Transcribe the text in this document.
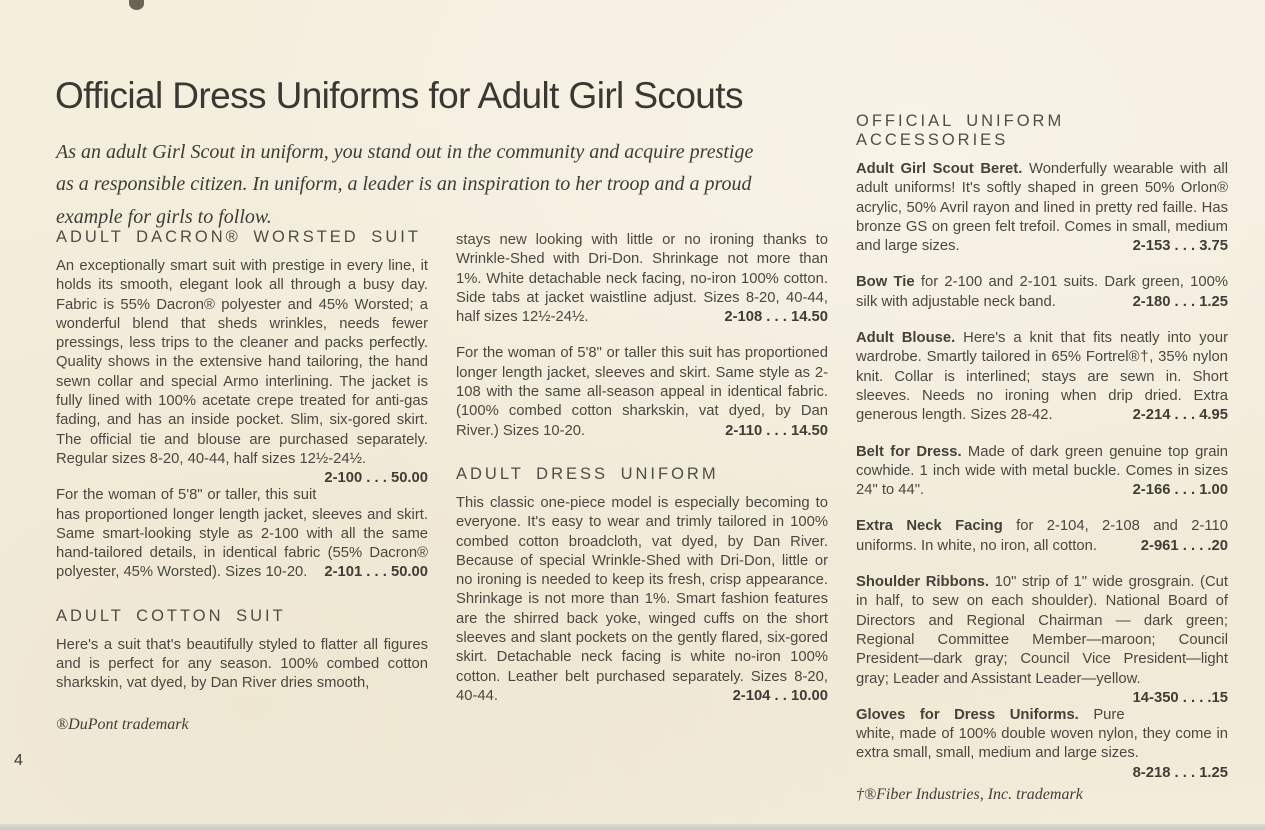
Official Dress Uniforms for Adult Girl Scouts

As an adult Girl Scout in uniform, you stand out in the community and acquire prestige as a responsible citizen. In uniform, a leader is an inspiration to her troop and a proud example for girls to follow.

ADULT DACRON® WORSTED SUIT

An exceptionally smart suit with prestige in every line, it holds its smooth, elegant look all through a busy day. Fabric is 55% Dacron® polyester and 45% Worsted; a wonderful blend that sheds wrinkles, needs fewer pressings, less trips to the cleaner and packs perfectly. Quality shows in the extensive hand tailoring, the hand sewn collar and special Armo interlining. The jacket is fully lined with 100% acetate crepe treated for anti-gas fading, and has an inside pocket. Slim, six-gored skirt. The official tie and blouse are purchased separately. Regular sizes 8-20, 40-44, half sizes 12½-24½.
2-100 . . . 50.00

For the woman of 5'8" or taller, this suit has proportioned longer length jacket, sleeves and skirt. Same smart-looking style as 2-100 with all the same hand-tailored details, in identical fabric (55% Dacron® polyester, 45% Worsted). Sizes 10-20.	2-101 . . . 50.00

ADULT COTTON SUIT

Here's a suit that's beautifully styled to flatter all figures and is perfect for any season. 100% combed cotton sharkskin, vat dyed, by Dan River dries smooth,

®DuPont trademark

stays new looking with little or no ironing thanks to Wrinkle-Shed with Dri-Don. Shrinkage not more than 1%. White detachable neck facing, no-iron 100% cotton. Side tabs at jacket waistline adjust. Sizes 8-20, 40-44, half sizes 12½-24½.	2-108 . . . 14.50

For the woman of 5'8" or taller this suit has proportioned longer length jacket, sleeves and skirt. Same style as 2-108 with the same all-season appeal in identical fabric. (100% combed cotton sharkskin, vat dyed, by Dan River.) Sizes 10-20.	2-110 . . . 14.50

ADULT DRESS UNIFORM

This classic one-piece model is especially becoming to everyone. It's easy to wear and trimly tailored in 100% combed cotton broadcloth, vat dyed, by Dan River. Because of special Wrinkle-Shed with Dri-Don, little or no ironing is needed to keep its fresh, crisp appearance. Shrinkage is not more than 1%. Smart fashion features are the shirred back yoke, winged cuffs on the short sleeves and slant pockets on the gently flared, six-gored skirt. Detachable neck facing is white no-iron 100% cotton. Leather belt purchased separately. Sizes 8-20, 40-44.	2-104 . . 10.00

OFFICIAL UNIFORM ACCESSORIES

Adult Girl Scout Beret. Wonderfully wearable with all adult uniforms! It's softly shaped in green 50% Orlon® acrylic, 50% Avril rayon and lined in pretty red faille. Has bronze GS on green felt trefoil. Comes in small, medium and large sizes.	2-153 . . . 3.75

Bow Tie for 2-100 and 2-101 suits. Dark green, 100% silk with adjustable neck band.	2-180 . . . 1.25

Adult Blouse. Here's a knit that fits neatly into your wardrobe. Smartly tailored in 65% Fortrel®†, 35% nylon knit. Collar is interlined; stays are sewn in. Short sleeves. Needs no ironing when drip dried. Extra generous length. Sizes 28-42.	2-214 . . . 4.95

Belt for Dress. Made of dark green genuine top grain cowhide. 1 inch wide with metal buckle. Comes in sizes 24" to 44".	2-166 . . . 1.00

Extra Neck Facing for 2-104, 2-108 and 2-110 uniforms. In white, no iron, all cotton.	2-961 . . . .20

Shoulder Ribbons. 10" strip of 1" wide grosgrain. (Cut in half, to sew on each shoulder). National Board of Directors and Regional Chairman — dark green; Regional Committee Member—maroon; Council President—dark gray; Council Vice President—light gray; Leader and Assistant Leader—yellow.
14-350 . . . .15

Gloves for Dress Uniforms. Pure white, made of 100% double woven nylon, they come in extra small, small, medium and large sizes.
8-218 . . . 1.25

†®Fiber Industries, Inc. trademark

4
